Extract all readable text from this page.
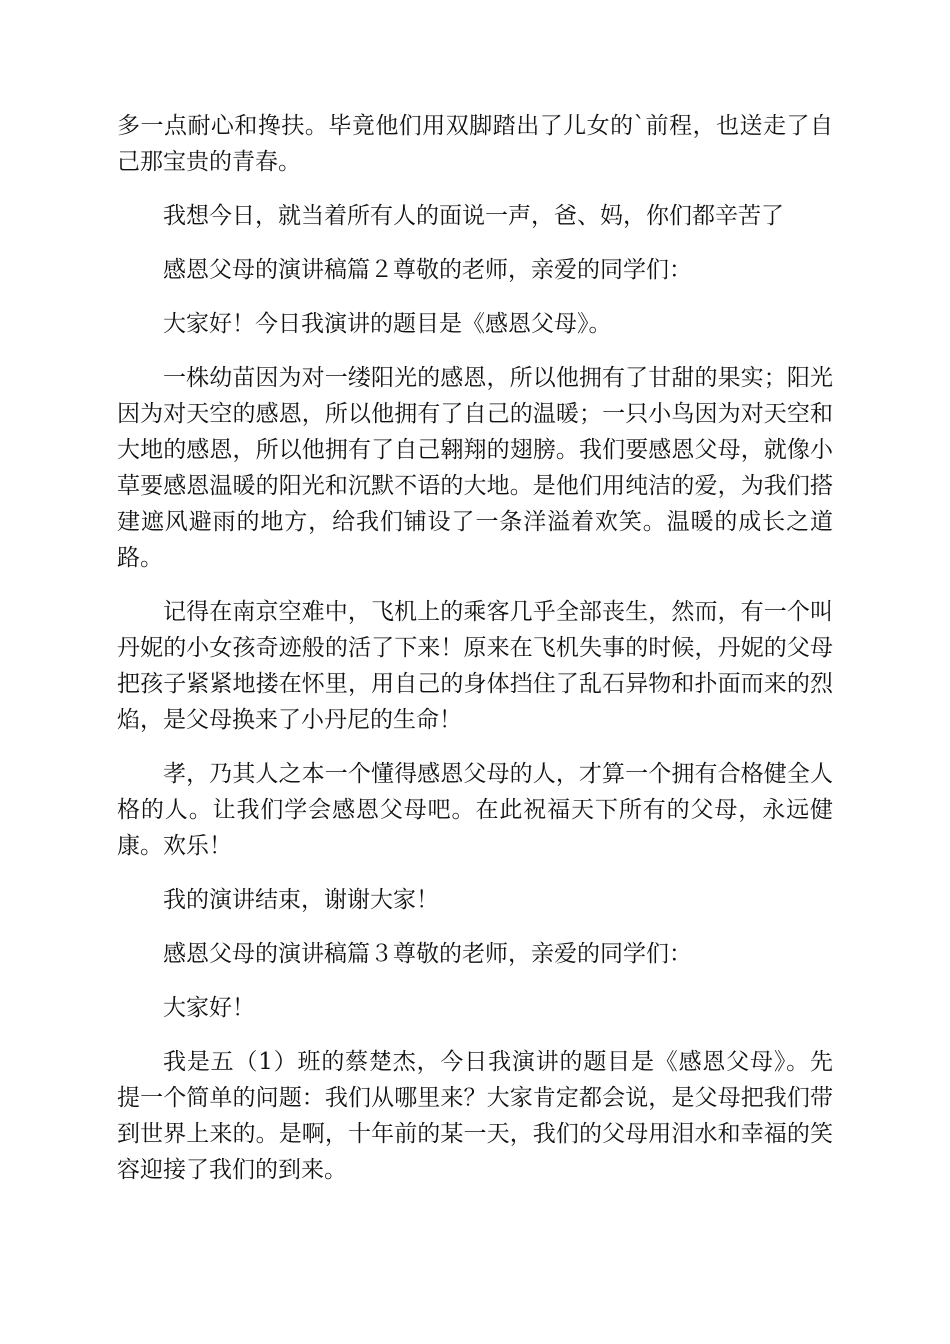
多一点耐心和搀扶。毕竟他们用双脚踏出了儿女的`前程，也送走了自己那宝贵的青春。

我想今日，就当着所有人的面说一声，爸、妈，你们都辛苦了

感恩父母的演讲稿篇２尊敬的老师，亲爱的同学们：

大家好！今日我演讲的题目是《感恩父母》。

一株幼苗因为对一缕阳光的感恩，所以他拥有了甘甜的果实；阳光因为对天空的感恩，所以他拥有了自己的温暖；一只小鸟因为对天空和大地的感恩，所以他拥有了自己翱翔的翅膀。我们要感恩父母，就像小草要感恩温暖的阳光和沉默不语的大地。是他们用纯洁的爱，为我们搭建遮风避雨的地方，给我们铺设了一条洋溢着欢笑。温暖的成长之道路。

记得在南京空难中，飞机上的乘客几乎全部丧生，然而，有一个叫丹妮的小女孩奇迹般的活了下来！原来在飞机失事的时候，丹妮的父母把孩子紧紧地搂在怀里，用自己的身体挡住了乱石异物和扑面而来的烈焰，是父母换来了小丹尼的生命！

孝，乃其人之本一个懂得感恩父母的人，才算一个拥有合格健全人格的人。让我们学会感恩父母吧。在此祝福天下所有的父母，永远健康。欢乐！

我的演讲结束，谢谢大家！

感恩父母的演讲稿篇３尊敬的老师，亲爱的同学们：

大家好！

我是五（1）班的蔡楚杰，今日我演讲的题目是《感恩父母》。先提一个简单的问题：我们从哪里来？大家肯定都会说，是父母把我们带到世界上来的。是啊，十年前的某一天，我们的父母用泪水和幸福的笑容迎接了我们的到来。
